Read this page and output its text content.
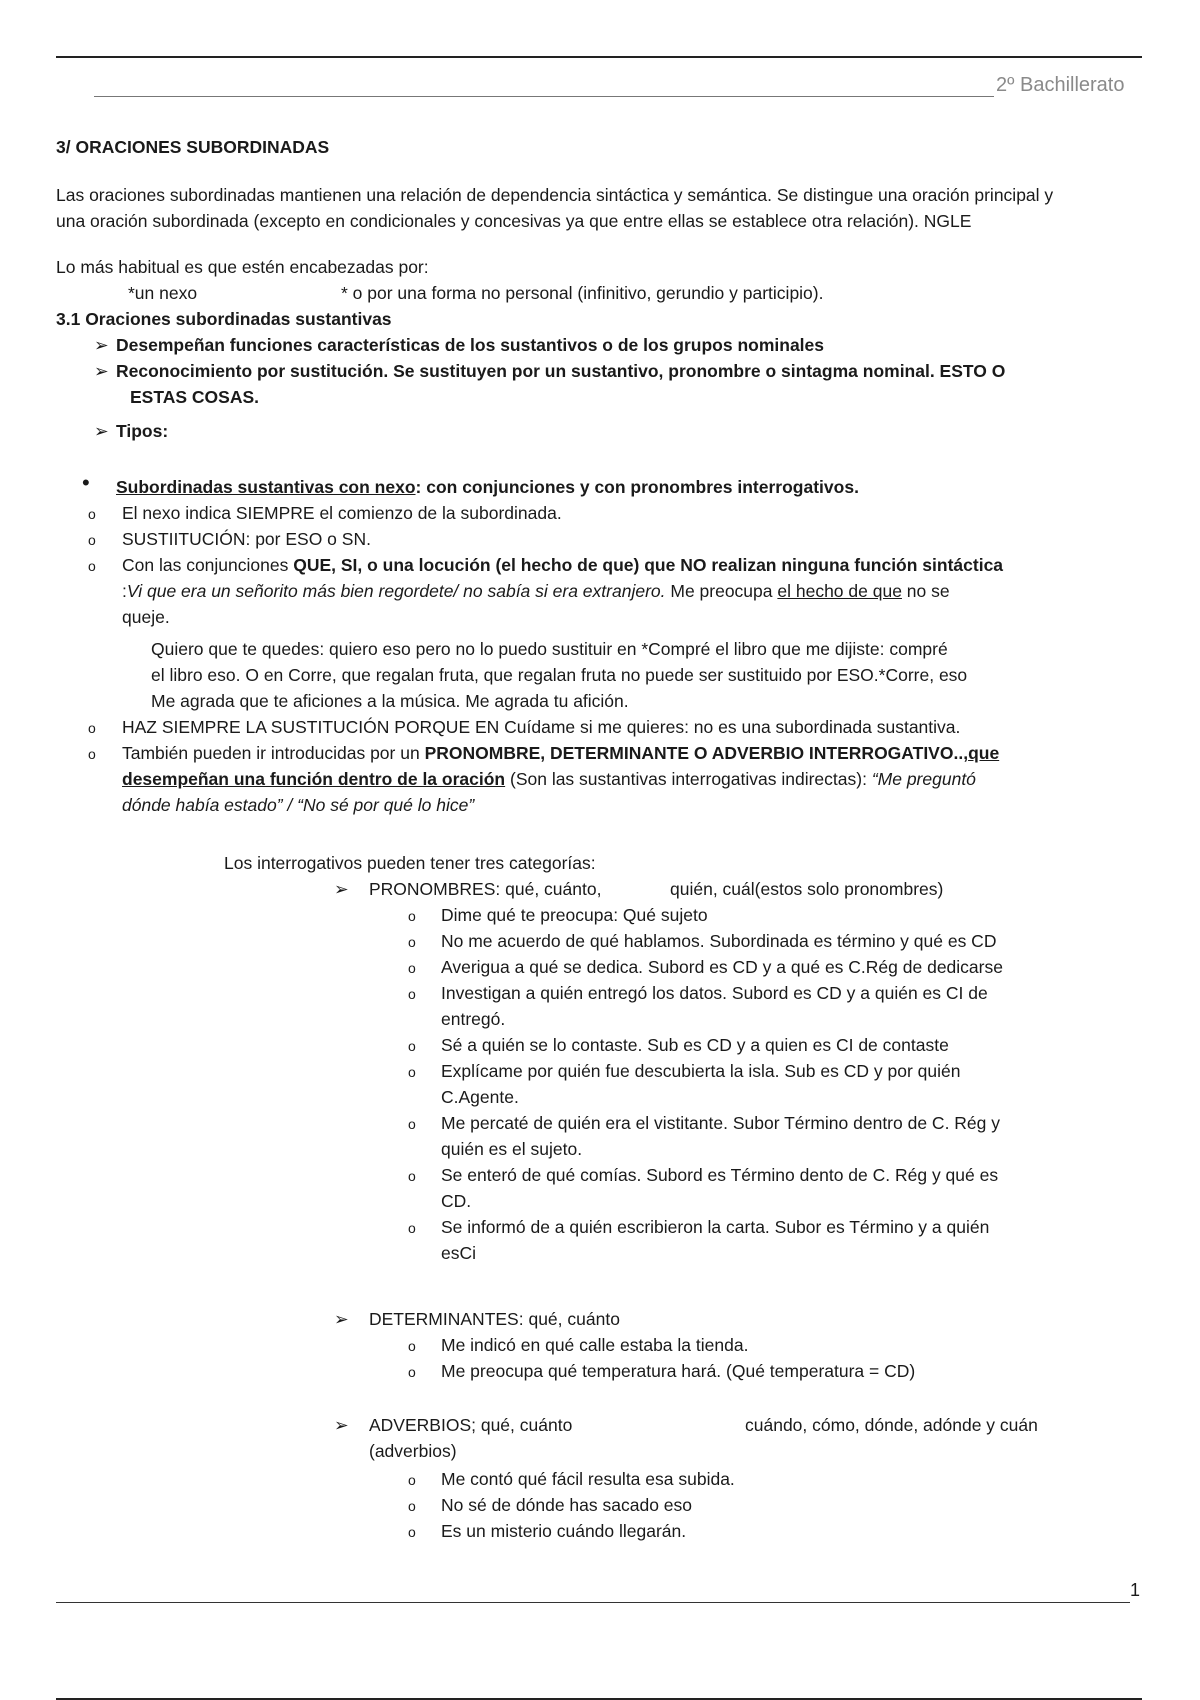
2º Bachillerato
3/ ORACIONES SUBORDINADAS
Las oraciones subordinadas mantienen una relación de dependencia sintáctica y semántica. Se distingue una oración principal y
una oración subordinada (excepto en condicionales y concesivas ya que entre ellas se establece otra relación). NGLE
Lo más habitual es que estén encabezadas por:
*un nexo	* o por una forma no personal (infinitivo, gerundio y participio).
3.1 Oraciones subordinadas sustantivas
➢ Desempeñan funciones características de los sustantivos o de los grupos nominales
➢ Reconocimiento por sustitución. Se sustituyen por un sustantivo, pronombre o sintagma nominal. ESTO O
ESTAS COSAS.
➢ Tipos:
• Subordinadas sustantivas con nexo: con conjunciones y con pronombres interrogativos.
o El nexo indica SIEMPRE el comienzo de la subordinada.
o SUSTIITUCIÓN: por ESO o SN.
o Con las conjunciones QUE, SI, o una locución (el hecho de que) que NO realizan ninguna función sintáctica
:Vi que era un señorito más bien regordete/ no sabía si era extranjero. Me preocupa el hecho de que no se
queje.
Quiero que te quedes: quiero eso pero no lo puedo sustituir en *Compré el libro que me dijiste: compré
el libro eso. O en Corre, que regalan fruta, que regalan fruta no puede ser sustituido por ESO.*Corre, eso
Me agrada que te aficiones a la música. Me agrada tu afición.
o HAZ SIEMPRE LA SUSTITUCIÓN PORQUE EN Cuídame si me quieres: no es una subordinada sustantiva.
o También pueden ir introducidas por un PRONOMBRE, DETERMINANTE O ADVERBIO INTERROGATIVO..,que
desempeñan una función dentro de la oración (Son las sustantivas interrogativas indirectas): “Me preguntó
dónde había estado” / “No sé por qué lo hice”
Los interrogativos pueden tener tres categorías:
➢ PRONOMBRES: qué, cuánto,	quién, cuál(estos solo pronombres)
o Dime qué te preocupa: Qué sujeto
o No me acuerdo de qué hablamos. Subordinada es término y qué es CD
o Averigua a qué se dedica. Subord es CD y a qué es C.Rég de dedicarse
o Investigan a quién entregó los datos. Subord es CD y a quién es CI de
entregó.
o Sé a quién se lo contaste. Sub es CD y a quien es CI de contaste
o Explícame por quién fue descubierta la isla. Sub es CD y por quién
C.Agente.
o Me percaté de quién era el vistitante. Subor Término dentro de C. Rég y
quién es el sujeto.
o Se enteró de qué comías. Subord es Término dento de C. Rég y qué es
CD.
o Se informó de a quién escribieron la carta. Subor es Término y a quién
esCi
➢ DETERMINANTES: qué, cuánto
o Me indicó en qué calle estaba la tienda.
o Me preocupa qué temperatura hará. (Qué temperatura = CD)
➢ ADVERBIOS; qué, cuánto	cuándo, cómo, dónde, adónde y cuán
(adverbios)
o Me contó qué fácil resulta esa subida.
o No sé de dónde has sacado eso
o Es un misterio cuándo llegarán.
1
